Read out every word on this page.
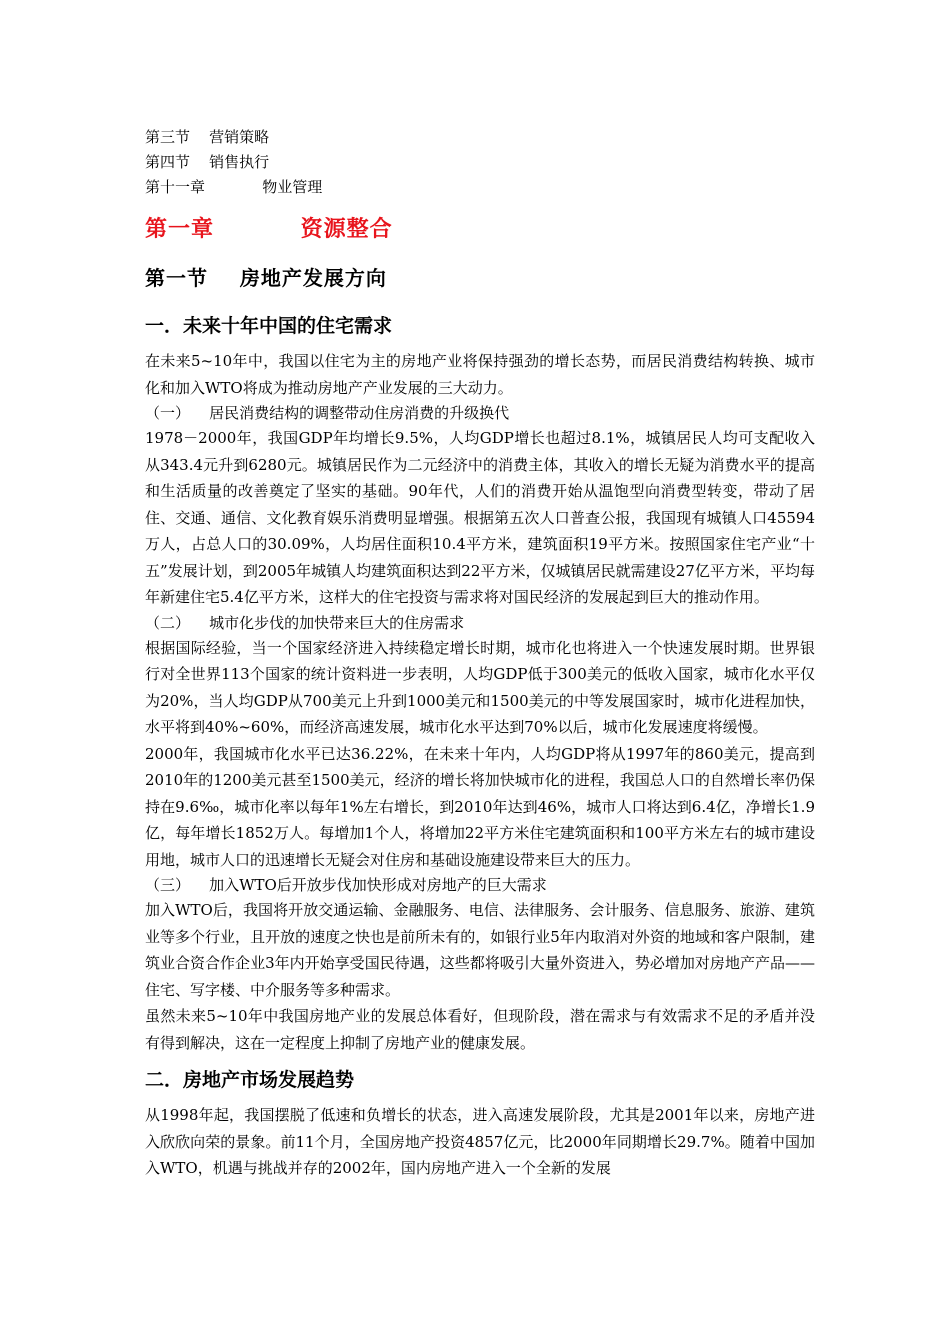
第三节    营销策略
第四节    销售执行
第十一章            物业管理
第一章          资源整合
第一节    房地产发展方向
一．未来十年中国的住宅需求

在未来5~10年中，我国以住宅为主的房地产业将保持强劲的增长态势，而居民消费结构转换、城市化和加入WTO将成为推动房地产产业发展的三大动力。

（一）    居民消费结构的调整带动住房消费的升级换代

1978－2000年，我国GDP年均增长9.5%，人均GDP增长也超过8.1%，城镇居民人均可支配收入从343.4元升到6280元。城镇居民作为二元经济中的消费主体，其收入的增长无疑为消费水平的提高和生活质量的改善奠定了坚实的基础。90年代，人们的消费开始从温饱型向消费型转变，带动了居住、交通、通信、文化教育娱乐消费明显增强。根据第五次人口普查公报，我国现有城镇人口45594万人，占总人口的30.09%，人均居住面积10.4平方米，建筑面积19平方米。按照国家住宅产业“十五”发展计划，到2005年城镇人均建筑面积达到22平方米，仅城镇居民就需建设27亿平方米，平均每年新建住宅5.4亿平方米，这样大的住宅投资与需求将对国民经济的发展起到巨大的推动作用。

（二）    城市化步伐的加快带来巨大的住房需求

根据国际经验，当一个国家经济进入持续稳定增长时期，城市化也将进入一个快速发展时期。世界银行对全世界113个国家的统计资料进一步表明，人均GDP低于300美元的低收入国家，城市化水平仅为20%，当人均GDP从700美元上升到1000美元和1500美元的中等发展国家时，城市化进程加快，水平将到40%~60%，而经济高速发展，城市化水平达到70%以后，城市化发展速度将缓慢。

2000年，我国城市化水平已达36.22%，在未来十年内，人均GDP将从1997年的860美元，提高到2010年的1200美元甚至1500美元，经济的增长将加快城市化的进程，我国总人口的自然增长率仍保持在9.6‰，城市化率以每年1%左右增长，到2010年达到46%，城市人口将达到6.4亿，净增长1.9亿，每年增长1852万人。每增加1个人，将增加22平方米住宅建筑面积和100平方米左右的城市建设用地，城市人口的迅速增长无疑会对住房和基础设施建设带来巨大的压力。

（三）    加入WTO后开放步伐加快形成对房地产的巨大需求

加入WTO后，我国将开放交通运输、金融服务、电信、法律服务、会计服务、信息服务、旅游、建筑业等多个行业，且开放的速度之快也是前所未有的，如银行业5年内取消对外资的地域和客户限制，建筑业合资合作企业3年内开始享受国民待遇，这些都将吸引大量外资进入，势必增加对房地产产品——住宅、写字楼、中介服务等多种需求。

虽然未来5~10年中我国房地产业的发展总体看好，但现阶段，潜在需求与有效需求不足的矛盾并没有得到解决，这在一定程度上抑制了房地产业的健康发展。

二．房地产市场发展趋势

从1998年起，我国摆脱了低速和负增长的状态，进入高速发展阶段，尤其是2001年以来，房地产进入欣欣向荣的景象。前11个月，全国房地产投资4857亿元，比2000年同期增长29.7%。随着中国加入WTO，机遇与挑战并存的2002年，国内房地产进入一个全新的发展
